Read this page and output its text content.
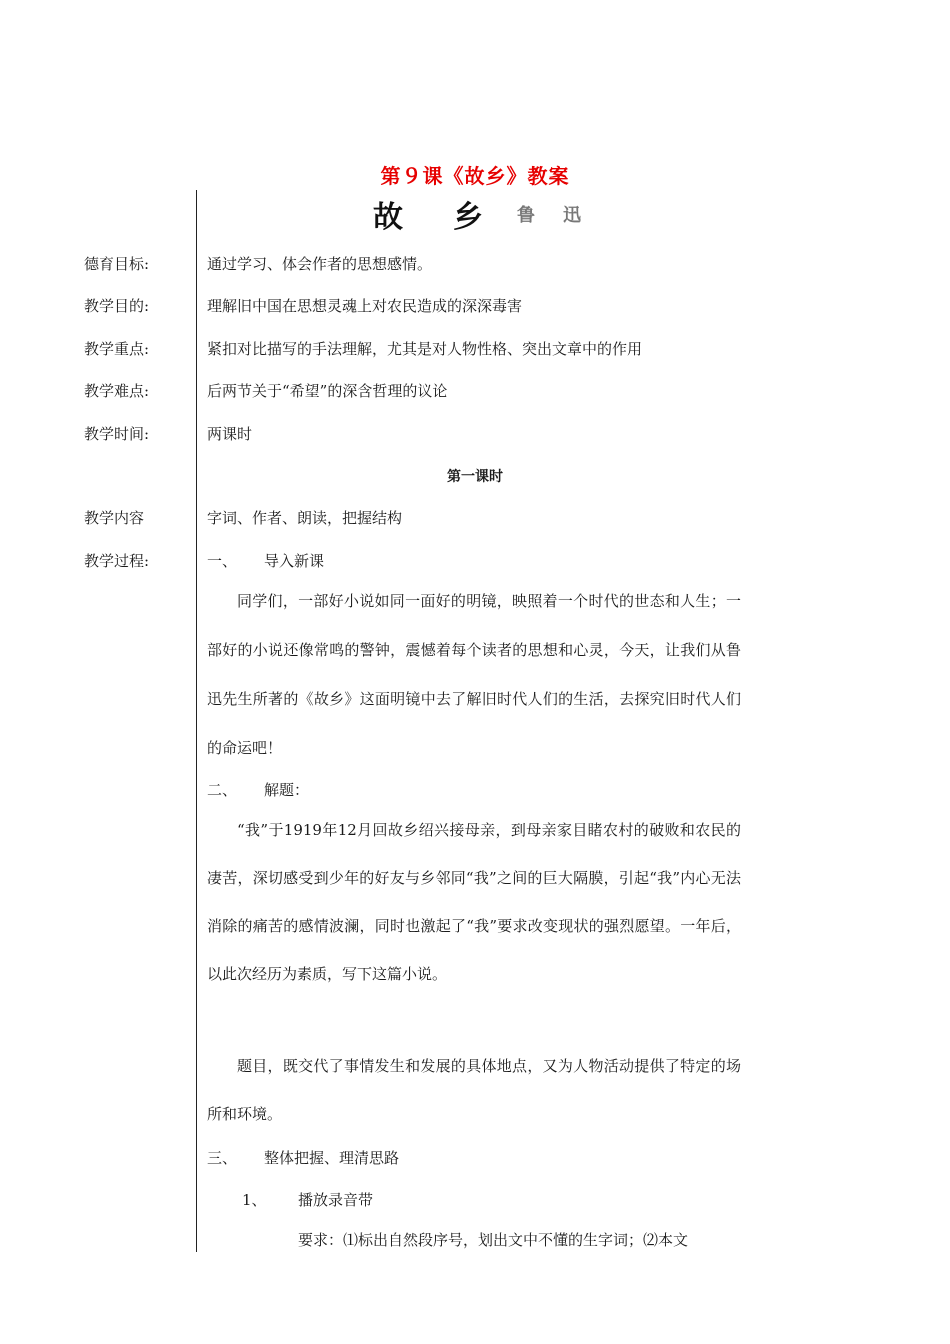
第９课《故乡》教案
故 乡 鲁 迅
德育目标:	通过学习、体会作者的思想感情。
教学目的:	理解旧中国在思想灵魂上对农民造成的深深毒害
教学重点:	紧扣对比描写的手法理解，尤其是对人物性格、突出文章中的作用
教学难点:	后两节关于“希望”的深含哲理的议论
教学时间:	两课时
第一课时
教学内容	字词、作者、朗读，把握结构
教学过程:	一、 导入新课

同学们，一部好小说如同一面好的明镜，映照着一个时代的世态和人生；一部好的小说还像常鸣的警钟，震憾着每个读者的思想和心灵，今天，让我们从鲁迅先生所著的《故乡》这面明镜中去了解旧时代人们的生活，去探究旧时代人们的命运吧！

二、 解题：

“我”于1919年12月回故乡绍兴接母亲，到母亲家目睹农村的破败和农民的凄苦，深切感受到少年的好友与乡邻同“我”之间的巨大隔膜，引起“我”内心无法消除的痛苦的感情波澜，同时也激起了“我”要求改变现状的强烈愿望。一年后，以此次经历为素质，写下这篇小说。

题目，既交代了事情发生和发展的具体地点，又为人物活动提供了特定的场所和环境。

三、 整体把握、理清思路
1、 播放录音带
要求：⑴标出自然段序号，划出文中不懂的生字词；⑵本文
